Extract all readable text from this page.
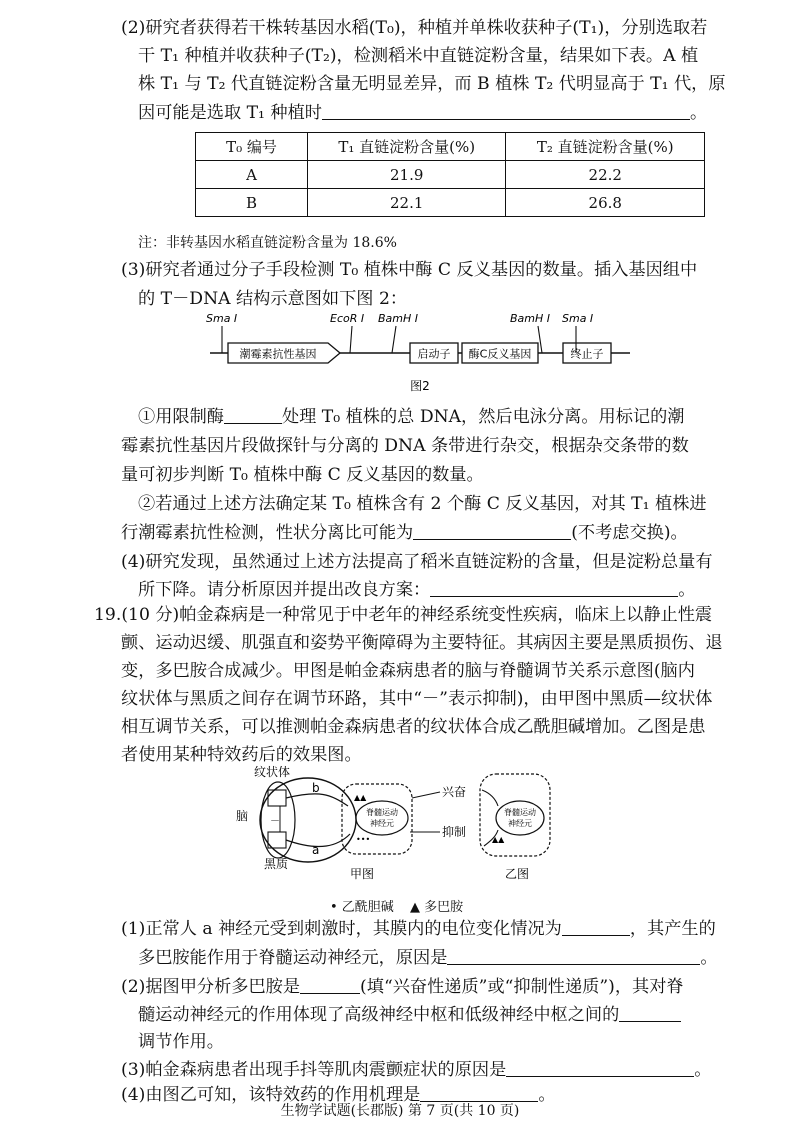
(2)研究者获得若干株转基因水稻(T₀)，种植并单株收获种子(T₁)，分别选取若
干 T₁ 种植并收获种子(T₂)，检测稻米中直链淀粉含量，结果如下表。A 植
株 T₁ 与 T₂ 代直链淀粉含量无明显差异，而 B 植株 T₂ 代明显高于 T₁ 代，原
因可能是选取 T₁ 种植时	。
T₀ 编号	T₁ 直链淀粉含量(%)	T₂ 直链淀粉含量(%)
A	21.9	22.2
B	22.1	26.8
注：非转基因水稻直链淀粉含量为 18.6%
(3)研究者通过分子手段检测 T₀ 植株中酶 C 反义基因的数量。插入基因组中
的 T－DNA 结构示意图如下图 2：
潮霉素抗性基因	启动子 酶C反义基因	终止子
Sma I	EcoR I BamH I	BamH I Sma I
图2
①用限制酶	处理 T₀ 植株的总 DNA，然后电泳分离。用标记的潮
霉素抗性基因片段做探针与分离的 DNA 条带进行杂交，根据杂交条带的数
量可初步判断 T₀ 植株中酶 C 反义基因的数量。
②若通过上述方法确定某 T₀ 植株含有 2 个酶 C 反义基因，对其 T₁ 植株进
行潮霉素抗性检测，性状分离比可能为	(不考虑交换)。
(4)研究发现，虽然通过上述方法提高了稻米直链淀粉的含量，但是淀粉总量有
所下降。请分析原因并提出改良方案：	。
19.(10 分)帕金森病是一种常见于中老年的神经系统变性疾病，临床上以静止性震
颤、运动迟缓、肌强直和姿势平衡障碍为主要特征。其病因主要是黑质损伤、退
变，多巴胺合成减少。甲图是帕金森病患者的脑与脊髓调节关系示意图(脑内
纹状体与黑质之间存在调节环路，其中“－”表示抑制)，由甲图中黑质—纹状体
相互调节关系，可以推测帕金森病患者的纹状体合成乙酰胆碱增加。乙图是患
者使用某种特效药后的效果图。
纹状体
脑
黑质
－
b
a
脊髓运动
神经元
▲▲
•••
兴奋
抑制
甲图
脊髓运动
神经元
▲▲
乙图
• 乙酰胆碱 ▲ 多巴胺
(1)正常人 a 神经元受到刺激时，其膜内的电位变化情况为	，其产生的
多巴胺能作用于脊髓运动神经元，原因是	。
(2)据图甲分析多巴胺是	(填“兴奋性递质”或“抑制性递质”)，其对脊
髓运动神经元的作用体现了高级神经中枢和低级神经中枢之间的
调节作用。
(3)帕金森病患者出现手抖等肌肉震颤症状的原因是	。
(4)由图乙可知，该特效药的作用机理是	。
生物学试题(长郡版) 第 7 页(共 10 页)
